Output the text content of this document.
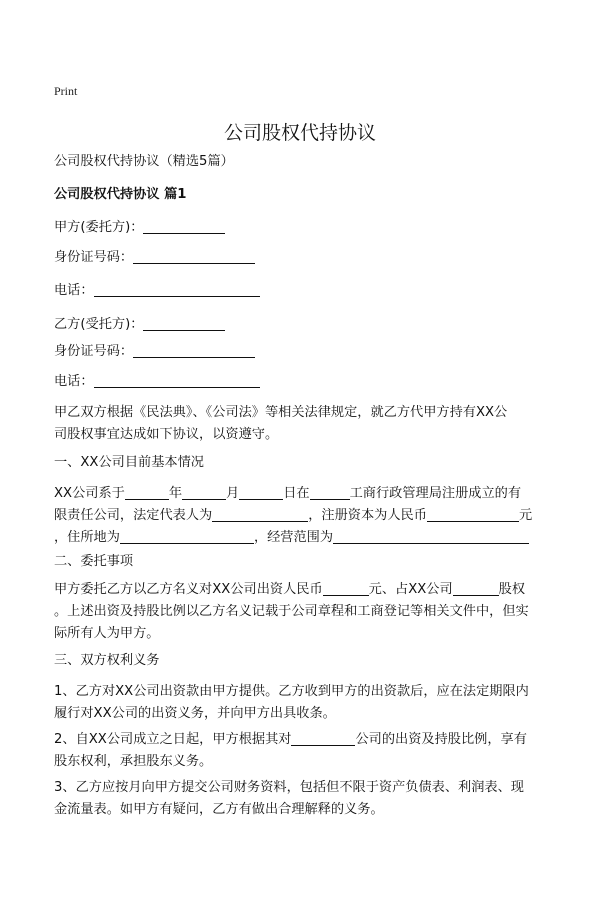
Print
公司股权代持协议
公司股权代持协议（精选5篇）
公司股权代持协议 篇1
甲方(委托方)：
身份证号码：
电话：
乙方(受托方)：
身份证号码：
电话：
甲乙双方根据《民法典》、《公司法》等相关法律规定，就乙方代甲方持有XX公
司股权事宜达成如下协议，以资遵守。
一、XX公司目前基本情况
XX公司系于	年	月	日在	工商行政管理局注册成立的有
限责任公司，法定代表人为	，注册资本为人民币	元
，住所地为	，经营范围为
二、委托事项
甲方委托乙方以乙方名义对XX公司出资人民币	元、占XX公司	股权
。上述出资及持股比例以乙方名义记载于公司章程和工商登记等相关文件中，但实
际所有人为甲方。
三、双方权利义务
1、乙方对XX公司出资款由甲方提供。乙方收到甲方的出资款后，应在法定期限内
履行对XX公司的出资义务，并向甲方出具收条。
2、自XX公司成立之日起，甲方根据其对	公司的出资及持股比例，享有
股东权利，承担股东义务。
3、乙方应按月向甲方提交公司财务资料，包括但不限于资产负债表、利润表、现
金流量表。如甲方有疑问，乙方有做出合理解释的义务。
